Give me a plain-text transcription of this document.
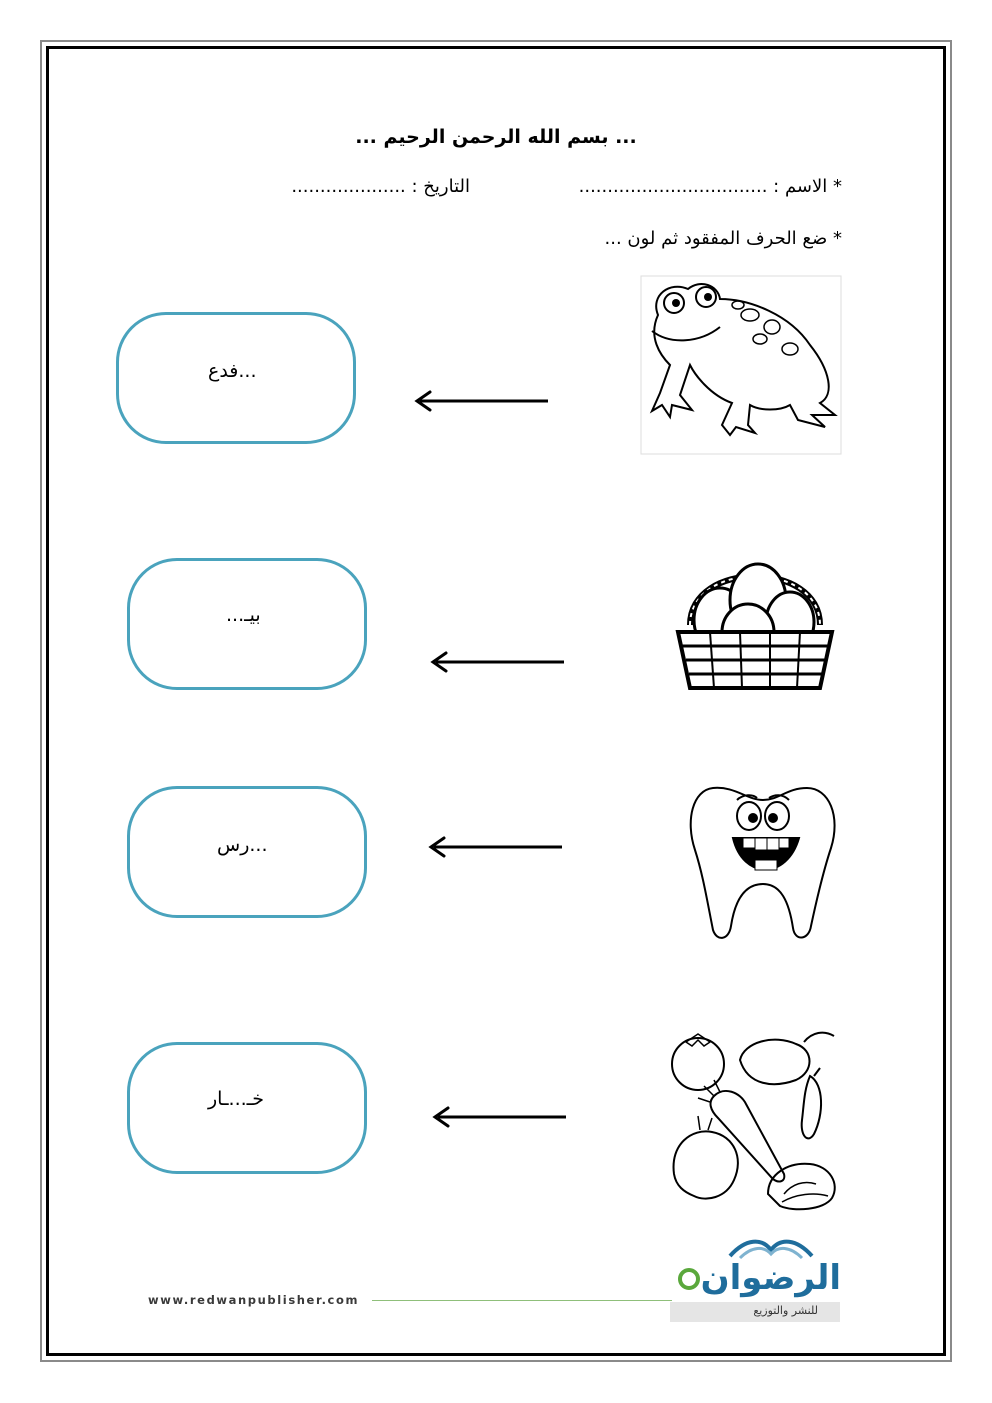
... بسم الله الرحمن الرحيم ...
* الاسم : .................................
التاريخ : ....................
* ضع الحرف المفقود ثم لون ...
...فدع
بيـ...
...رس
خـ...ـار
www.redwanpublisher.com
الرضوان
للنشر والتوزيع
